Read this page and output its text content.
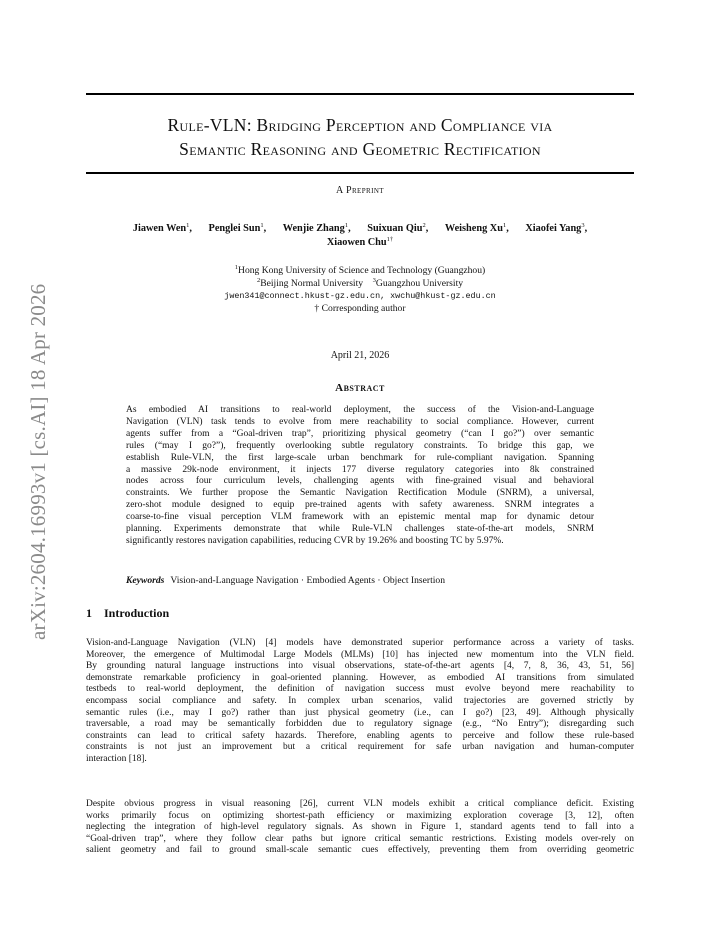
arXiv:2604.16993v1 [cs.AI] 18 Apr 2026
Rule-VLN: Bridging Perception and Compliance via
Semantic Reasoning and Geometric Rectification
A Preprint
Jiawen Wen$^1$, Penglei Sun$^1$, Wenjie Zhang$^1$, Suixuan Qiu$^2$, Weisheng Xu$^1$, Xiaofei Yang$^3$,
Xiaowen Chu$^{1\dagger}$
$^1$Hong Kong University of Science and Technology (Guangzhou)
$^2$Beijing Normal University $^3$Guangzhou University
jwen341@connect.hkust-gz.edu.cn, xwchu@hkust-gz.edu.cn
† Corresponding author
April 21, 2026
Abstract
As embodied AI transitions to real-world deployment, the success of the Vision-and-Language
Navigation (VLN) task tends to evolve from mere reachability to social compliance. However, current
agents suffer from a “Goal-driven trap”, prioritizing physical geometry (“can I go?”) over semantic
rules (“may I go?”), frequently overlooking subtle regulatory constraints. To bridge this gap, we
establish Rule-VLN, the first large-scale urban benchmark for rule-compliant navigation. Spanning
a massive 29k-node environment, it injects 177 diverse regulatory categories into 8k constrained
nodes across four curriculum levels, challenging agents with fine-grained visual and behavioral
constraints. We further propose the Semantic Navigation Rectification Module (SNRM), a universal,
zero-shot module designed to equip pre-trained agents with safety awareness. SNRM integrates a
coarse-to-fine visual perception VLM framework with an epistemic mental map for dynamic detour
planning. Experiments demonstrate that while Rule-VLN challenges state-of-the-art models, SNRM
significantly restores navigation capabilities, reducing CVR by 19.26% and boosting TC by 5.97%.
Keywords Vision-and-Language Navigation · Embodied Agents · Object Insertion
1 Introduction
Vision-and-Language Navigation (VLN) [4] models have demonstrated superior performance across a variety of tasks.
Moreover, the emergence of Multimodal Large Models (MLMs) [10] has injected new momentum into the VLN field.
By grounding natural language instructions into visual observations, state-of-the-art agents [4, 7, 8, 36, 43, 51, 56]
demonstrate remarkable proficiency in goal-oriented planning. However, as embodied AI transitions from simulated
testbeds to real-world deployment, the definition of navigation success must evolve beyond mere reachability to
encompass social compliance and safety. In complex urban scenarios, valid trajectories are governed strictly by
semantic rules (i.e., may I go?) rather than just physical geometry (i.e., can I go?) [23, 49]. Although physically
traversable, a road may be semantically forbidden due to regulatory signage (e.g., “No Entry”); disregarding such
constraints can lead to critical safety hazards. Therefore, enabling agents to perceive and follow these rule-based
constraints is not just an improvement but a critical requirement for safe urban navigation and human-computer
interaction [18].
Despite obvious progress in visual reasoning [26], current VLN models exhibit a critical compliance deficit. Existing
works primarily focus on optimizing shortest-path efficiency or maximizing exploration coverage [3, 12], often
neglecting the integration of high-level regulatory signals. As shown in Figure 1, standard agents tend to fall into a
“Goal-driven trap”, where they follow clear paths but ignore critical semantic restrictions. Existing models over-rely on
salient geometry and fail to ground small-scale semantic cues effectively, preventing them from overriding geometric
